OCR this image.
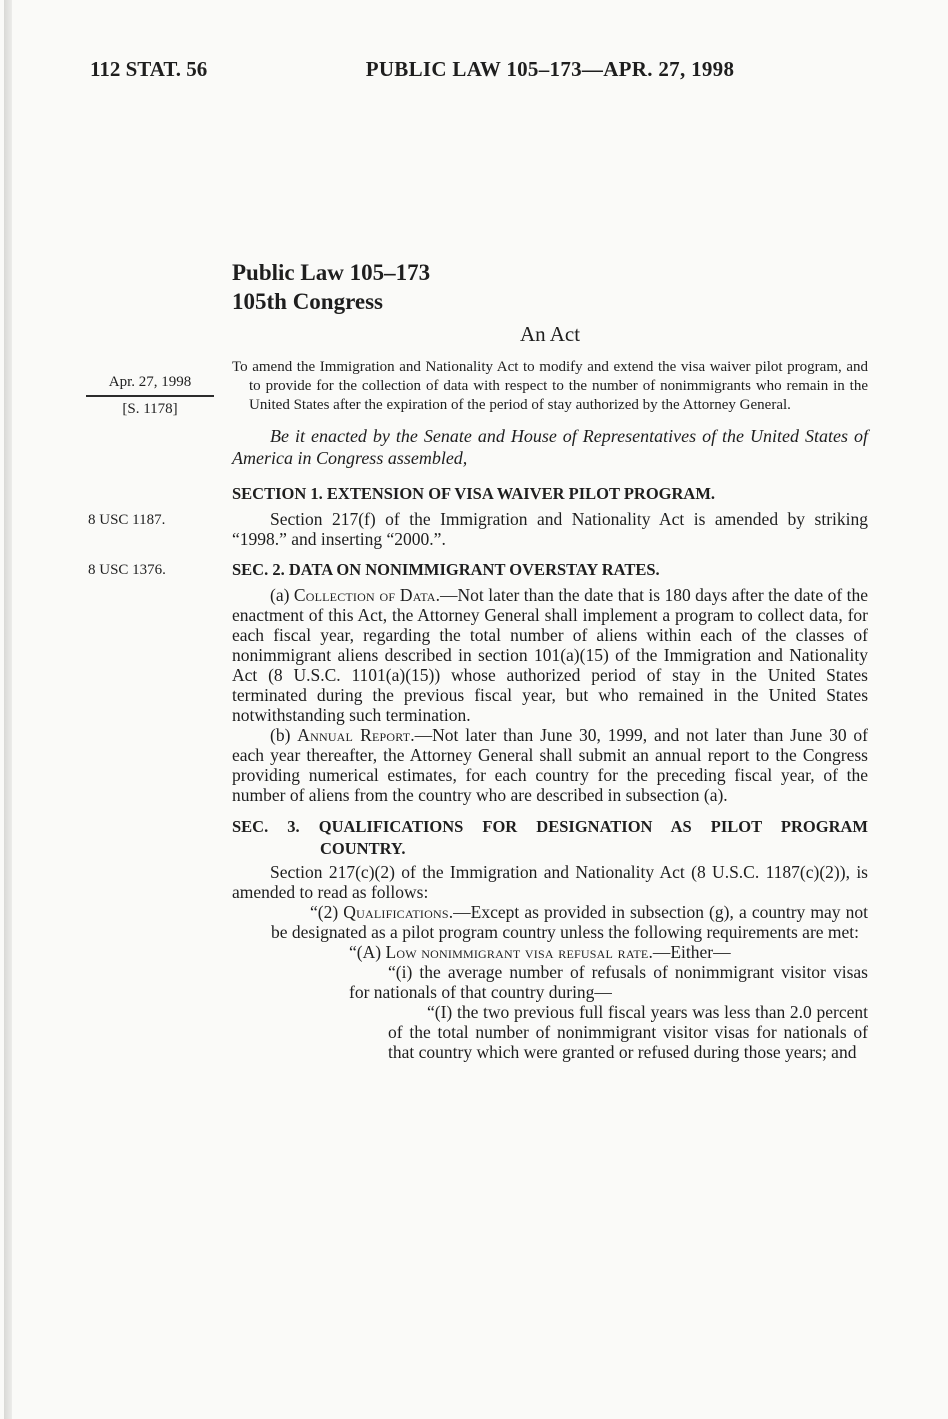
112 STAT. 56	PUBLIC LAW 105–173—APR. 27, 1998
Public Law 105–173
105th Congress
An Act

To amend the Immigration and Nationality Act to modify and extend the visa waiver pilot program, and to provide for the collection of data with respect to the number of nonimmigrants who remain in the United States after the expiration of the period of stay authorized by the Attorney General.

Apr. 27, 1998
[S. 1178]

Be it enacted by the Senate and House of Representatives of the United States of America in Congress assembled,

SECTION 1. EXTENSION OF VISA WAIVER PILOT PROGRAM.

Section 217(f) of the Immigration and Nationality Act is amended by striking “1998.” and inserting “2000.”.

8 USC 1187.

SEC. 2. DATA ON NONIMMIGRANT OVERSTAY RATES.

8 USC 1376.

(a) Collection of Data.—Not later than the date that is 180 days after the date of the enactment of this Act, the Attorney General shall implement a program to collect data, for each fiscal year, regarding the total number of aliens within each of the classes of nonimmigrant aliens described in section 101(a)(15) of the Immigration and Nationality Act (8 U.S.C. 1101(a)(15)) whose authorized period of stay in the United States terminated during the previous fiscal year, but who remained in the United States notwithstanding such termination.

(b) Annual Report.—Not later than June 30, 1999, and not later than June 30 of each year thereafter, the Attorney General shall submit an annual report to the Congress providing numerical estimates, for each country for the preceding fiscal year, of the number of aliens from the country who are described in subsection (a).

SEC. 3. QUALIFICATIONS FOR DESIGNATION AS PILOT PROGRAM
COUNTRY.

Section 217(c)(2) of the Immigration and Nationality Act (8 U.S.C. 1187(c)(2)), is amended to read as follows:

“(2) Qualifications.—Except as provided in subsection (g), a country may not be designated as a pilot program country unless the following requirements are met:

“(A) Low nonimmigrant visa refusal rate.—Either—

“(i) the average number of refusals of nonimmigrant visitor visas for nationals of that country during—

“(I) the two previous full fiscal years was less than 2.0 percent of the total number of nonimmigrant visitor visas for nationals of that country which were granted or refused during those years; and
